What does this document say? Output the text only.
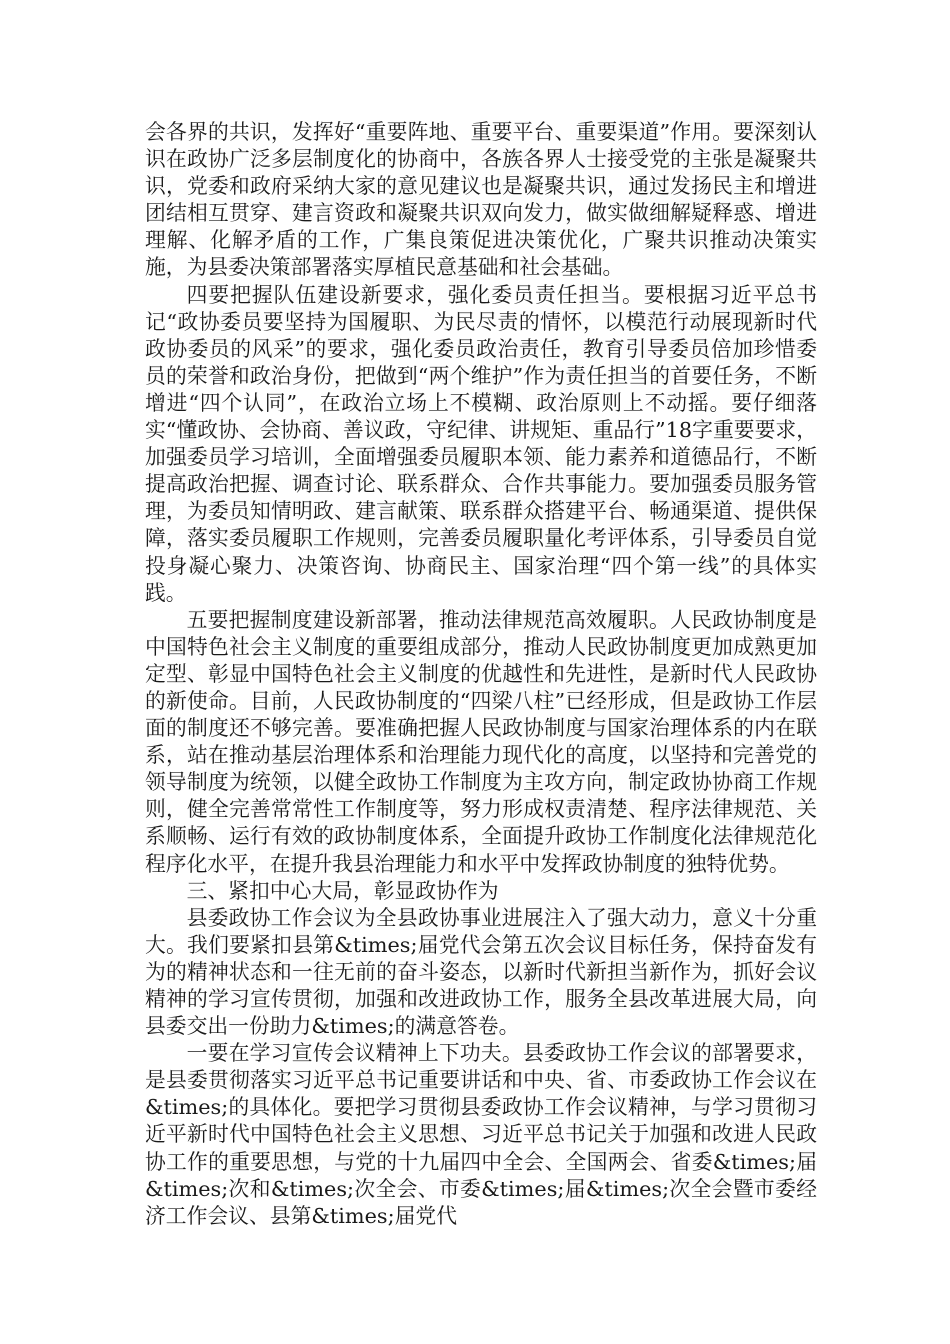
会各界的共识，发挥好“重要阵地、重要平台、重要渠道”作用。要深刻认识在政协广泛多层制度化的协商中，各族各界人士接受党的主张是凝聚共识，党委和政府采纳大家的意见建议也是凝聚共识，通过发扬民主和增进团结相互贯穿、建言资政和凝聚共识双向发力，做实做细解疑释惑、增进理解、化解矛盾的工作，广集良策促进决策优化，广聚共识推动决策实施，为县委决策部署落实厚植民意基础和社会基础。

四要把握队伍建设新要求，强化委员责任担当。要根据习近平总书记“政协委员要坚持为国履职、为民尽责的情怀，以模范行动展现新时代政协委员的风采”的要求，强化委员政治责任，教育引导委员倍加珍惜委员的荣誉和政治身份，把做到“两个维护”作为责任担当的首要任务，不断增进“四个认同”，在政治立场上不模糊、政治原则上不动摇。要仔细落实“懂政协、会协商、善议政，守纪律、讲规矩、重品行”18字重要要求，加强委员学习培训，全面增强委员履职本领、能力素养和道德品行，不断提高政治把握、调查讨论、联系群众、合作共事能力。要加强委员服务管理，为委员知情明政、建言献策、联系群众搭建平台、畅通渠道、提供保障，落实委员履职工作规则，完善委员履职量化考评体系，引导委员自觉投身凝心聚力、决策咨询、协商民主、国家治理“四个第一线”的具体实践。

五要把握制度建设新部署，推动法律规范高效履职。人民政协制度是中国特色社会主义制度的重要组成部分，推动人民政协制度更加成熟更加定型、彰显中国特色社会主义制度的优越性和先进性，是新时代人民政协的新使命。目前，人民政协制度的“四梁八柱”已经形成，但是政协工作层面的制度还不够完善。要准确把握人民政协制度与国家治理体系的内在联系，站在推动基层治理体系和治理能力现代化的高度，以坚持和完善党的领导制度为统领，以健全政协工作制度为主攻方向，制定政协协商工作规则，健全完善常常性工作制度等，努力形成权责清楚、程序法律规范、关系顺畅、运行有效的政协制度体系，全面提升政协工作制度化法律规范化程序化水平，在提升我县治理能力和水平中发挥政协制度的独特优势。

三、紧扣中心大局，彰显政协作为

县委政协工作会议为全县政协事业进展注入了强大动力，意义十分重大。我们要紧扣县第&times;届党代会第五次会议目标任务，保持奋发有为的精神状态和一往无前的奋斗姿态，以新时代新担当新作为，抓好会议精神的学习宣传贯彻，加强和改进政协工作，服务全县改革进展大局，向县委交出一份助力&times;的满意答卷。

一要在学习宣传会议精神上下功夫。县委政协工作会议的部署要求，是县委贯彻落实习近平总书记重要讲话和中央、省、市委政协工作会议在&times;的具体化。要把学习贯彻县委政协工作会议精神，与学习贯彻习近平新时代中国特色社会主义思想、习近平总书记关于加强和改进人民政协工作的重要思想，与党的十九届四中全会、全国两会、省委&times;届&times;次和&times;次全会、市委&times;届&times;次全会暨市委经济工作会议、县第&times;届党代
